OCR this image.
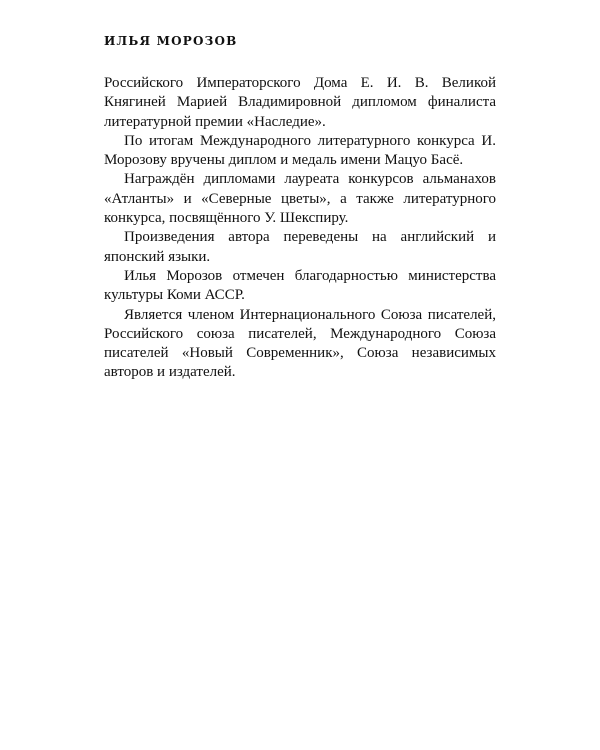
ИЛЬЯ МОРОЗОВ

Российского Императорского Дома Е. И. В. Великой Княгиней Марией Владимировной дипломом финалиста литературной премии «Наследие».

По итогам Международного литературного конкурса И. Морозову вручены диплом и медаль имени Мацуо Басё.

Награждён дипломами лауреата конкурсов альманахов «Атланты» и «Северные цветы», а также литературного конкурса, посвящённого У. Шекспиру.

Произведения автора переведены на английский и японский языки.

Илья Морозов отмечен благодарностью министерства культуры Коми АССР.

Является членом Интернационального Союза писателей, Российского союза писателей, Международного Союза писателей «Новый Современник», Союза независимых авторов и издателей.
